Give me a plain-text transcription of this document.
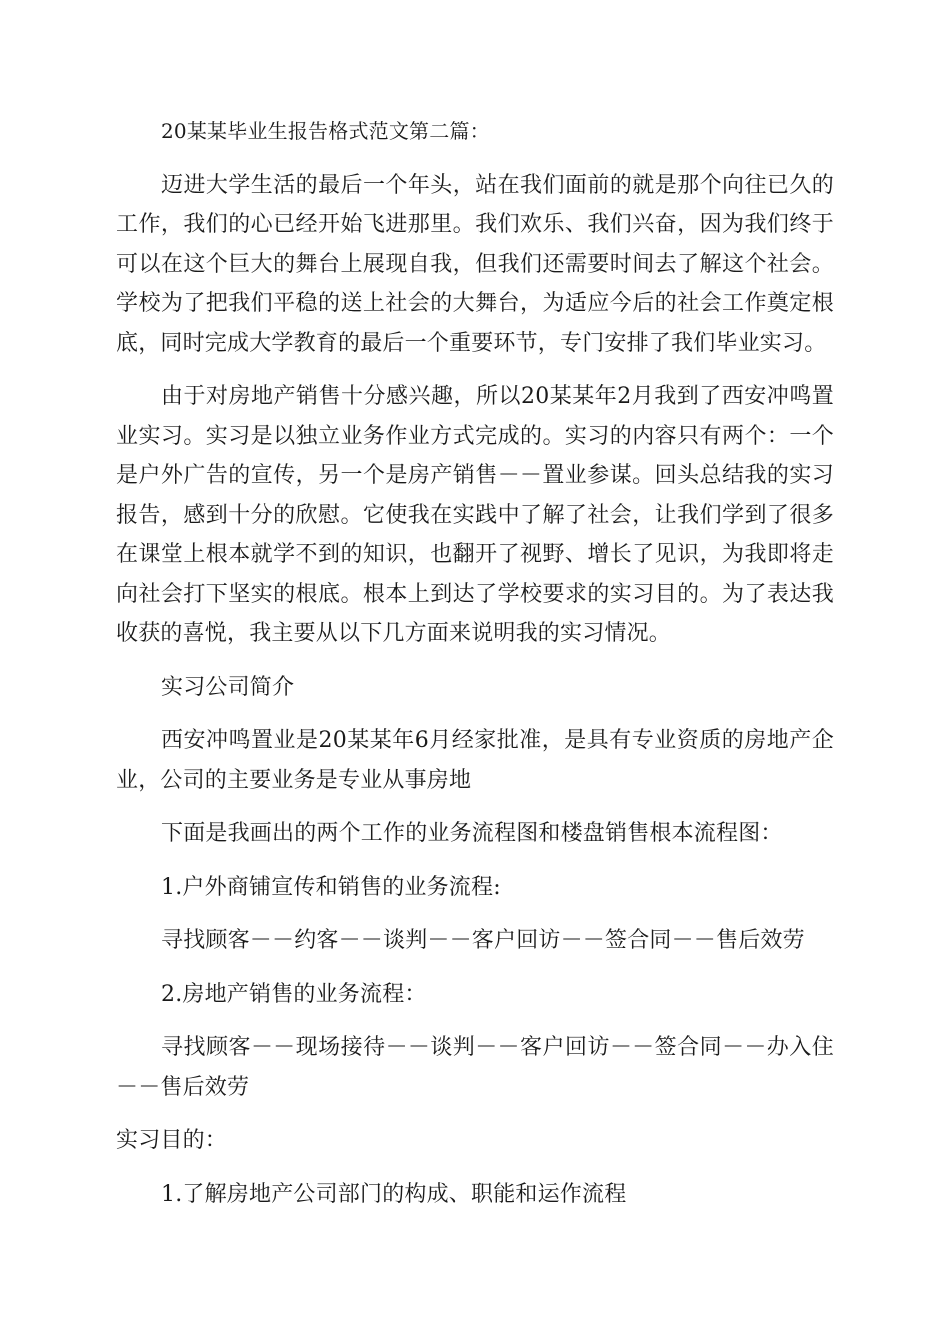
20某某毕业生报告格式范文第二篇：

迈进大学生活的最后一个年头，站在我们面前的就是那个向往已久的工作，我们的心已经开始飞进那里。我们欢乐、我们兴奋，因为我们终于可以在这个巨大的舞台上展现自我，但我们还需要时间去了解这个社会。学校为了把我们平稳的送上社会的大舞台，为适应今后的社会工作奠定根底，同时完成大学教育的最后一个重要环节，专门安排了我们毕业实习。

由于对房地产销售十分感兴趣，所以20某某年2月我到了西安冲鸣置业实习。实习是以独立业务作业方式完成的。实习的内容只有两个：一个是户外广告的宣传，另一个是房产销售－－置业参谋。回头总结我的实习报告，感到十分的欣慰。它使我在实践中了解了社会，让我们学到了很多在课堂上根本就学不到的知识，也翻开了视野、增长了见识，为我即将走向社会打下坚实的根底。根本上到达了学校要求的实习目的。为了表达我收获的喜悦，我主要从以下几方面来说明我的实习情况。

实习公司简介

西安冲鸣置业是20某某年6月经家批准，是具有专业资质的房地产企业，公司的主要业务是专业从事房地

下面是我画出的两个工作的业务流程图和楼盘销售根本流程图：

1.户外商铺宣传和销售的业务流程:

寻找顾客－－约客－－谈判－－客户回访－－签合同－－售后效劳

2.房地产销售的业务流程：

寻找顾客－－现场接待－－谈判－－客户回访－－签合同－－办入住－－售后效劳

实习目的：

1.了解房地产公司部门的构成、职能和运作流程
